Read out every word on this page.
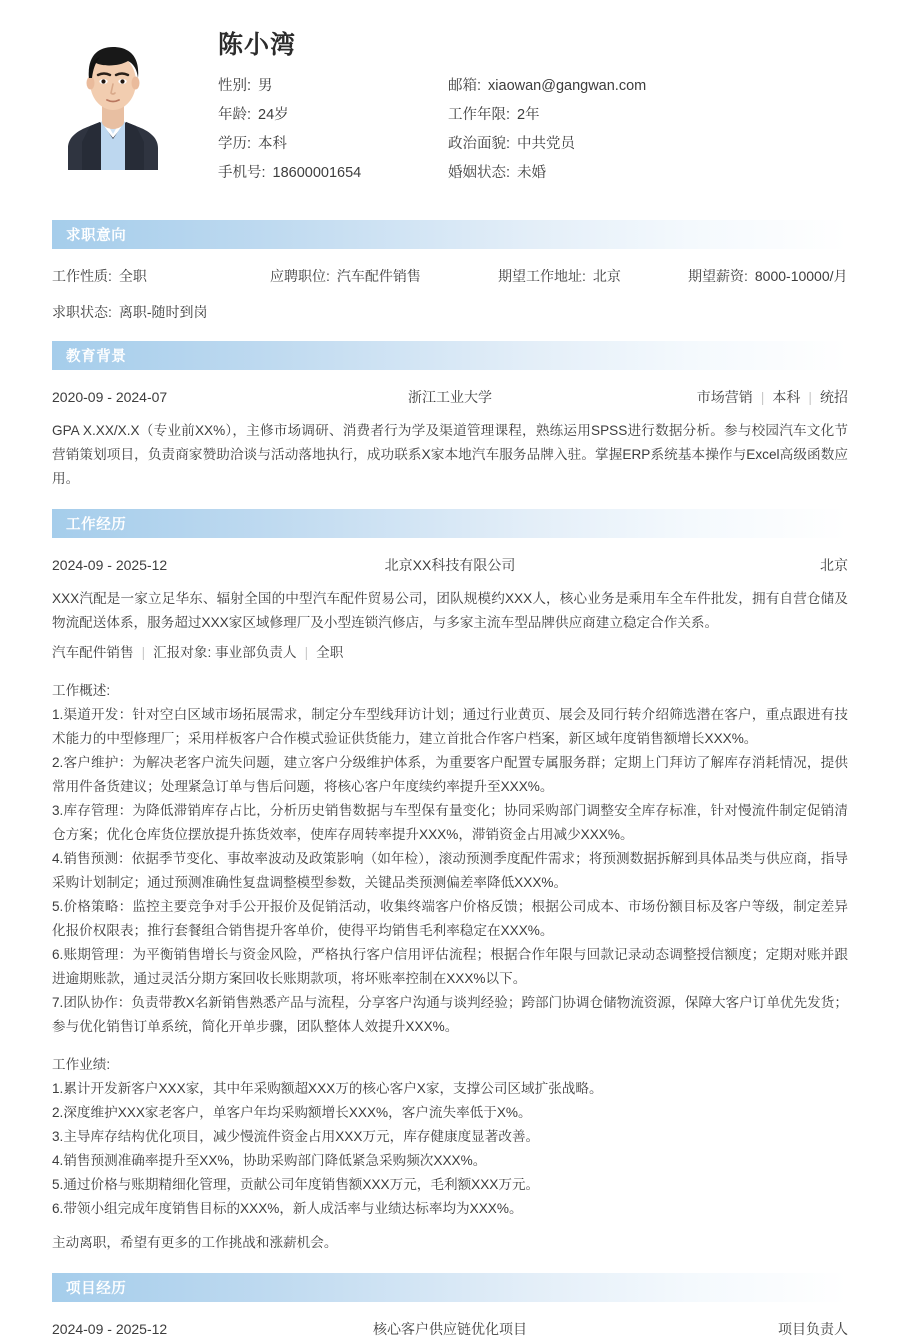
陈小湾
性别: 男	邮箱: xiaowan@gangwan.com
年龄: 24岁	工作年限: 2年
学历: 本科	政治面貌: 中共党员
手机号: 18600001654	婚姻状态: 未婚
求职意向
工作性质: 全职	应聘职位: 汽车配件销售	期望工作地址: 北京	期望薪资: 8000-10000/月
求职状态: 离职-随时到岗
教育背景
2020-09 - 2024-07	浙江工业大学	市场营销 | 本科 | 统招

GPA X.XX/X.X（专业前XX%），主修市场调研、消费者行为学及渠道管理课程，熟练运用SPSS进行数据分析。参与校园汽车文化节营销策划项目，负责商家赞助洽谈与活动落地执行，成功联系X家本地汽车服务品牌入驻。掌握ERP系统基本操作与Excel高级函数应用。

工作经历
2024-09 - 2025-12	北京XX科技有限公司	北京

XXX汽配是一家立足华东、辐射全国的中型汽车配件贸易公司，团队规模约XXX人，核心业务是乘用车全车件批发，拥有自营仓储及物流配送体系，服务超过XXX家区域修理厂及小型连锁汽修店，与多家主流车型品牌供应商建立稳定合作关系。

汽车配件销售 | 汇报对象: 事业部负责人 | 全职
工作概述:
1.渠道开发：针对空白区域市场拓展需求，制定分车型线拜访计划；通过行业黄页、展会及同行转介绍筛选潜在客户，重点跟进有技术能力的中型修理厂；采用样板客户合作模式验证供货能力，建立首批合作客户档案，新区域年度销售额增长XXX%。
2.客户维护：为解决老客户流失问题，建立客户分级维护体系，为重要客户配置专属服务群；定期上门拜访了解库存消耗情况，提供常用件备货建议；处理紧急订单与售后问题，将核心客户年度续约率提升至XXX%。
3.库存管理：为降低滞销库存占比，分析历史销售数据与车型保有量变化；协同采购部门调整安全库存标准，针对慢流件制定促销清仓方案；优化仓库货位摆放提升拣货效率，使库存周转率提升XXX%，滞销资金占用减少XXX%。
4.销售预测：依据季节变化、事故率波动及政策影响（如年检），滚动预测季度配件需求；将预测数据拆解到具体品类与供应商，指导采购计划制定；通过预测准确性复盘调整模型参数，关键品类预测偏差率降低XXX%。
5.价格策略：监控主要竞争对手公开报价及促销活动，收集终端客户价格反馈；根据公司成本、市场份额目标及客户等级，制定差异化报价权限表；推行套餐组合销售提升客单价，使得平均销售毛利率稳定在XXX%。
6.账期管理：为平衡销售增长与资金风险，严格执行客户信用评估流程；根据合作年限与回款记录动态调整授信额度；定期对账并跟进逾期账款，通过灵活分期方案回收长账期款项，将坏账率控制在XXX%以下。
7.团队协作：负责带教X名新销售熟悉产品与流程，分享客户沟通与谈判经验；跨部门协调仓储物流资源，保障大客户订单优先发货；参与优化销售订单系统，简化开单步骤，团队整体人效提升XXX%。
工作业绩:
1.累计开发新客户XXX家，其中年采购额超XXX万的核心客户X家，支撑公司区域扩张战略。
2.深度维护XXX家老客户，单客户年均采购额增长XXX%，客户流失率低于X%。
3.主导库存结构优化项目，减少慢流件资金占用XXX万元，库存健康度显著改善。
4.销售预测准确率提升至XX%，协助采购部门降低紧急采购频次XXX%。
5.通过价格与账期精细化管理，贡献公司年度销售额XXX万元，毛利额XXX万元。
6.带领小组完成年度销售目标的XXX%，新人成活率与业绩达标率均为XXX%。
主动离职，希望有更多的工作挑战和涨薪机会。
项目经历
2024-09 - 2025-12	核心客户供应链优化项目	项目负责人
